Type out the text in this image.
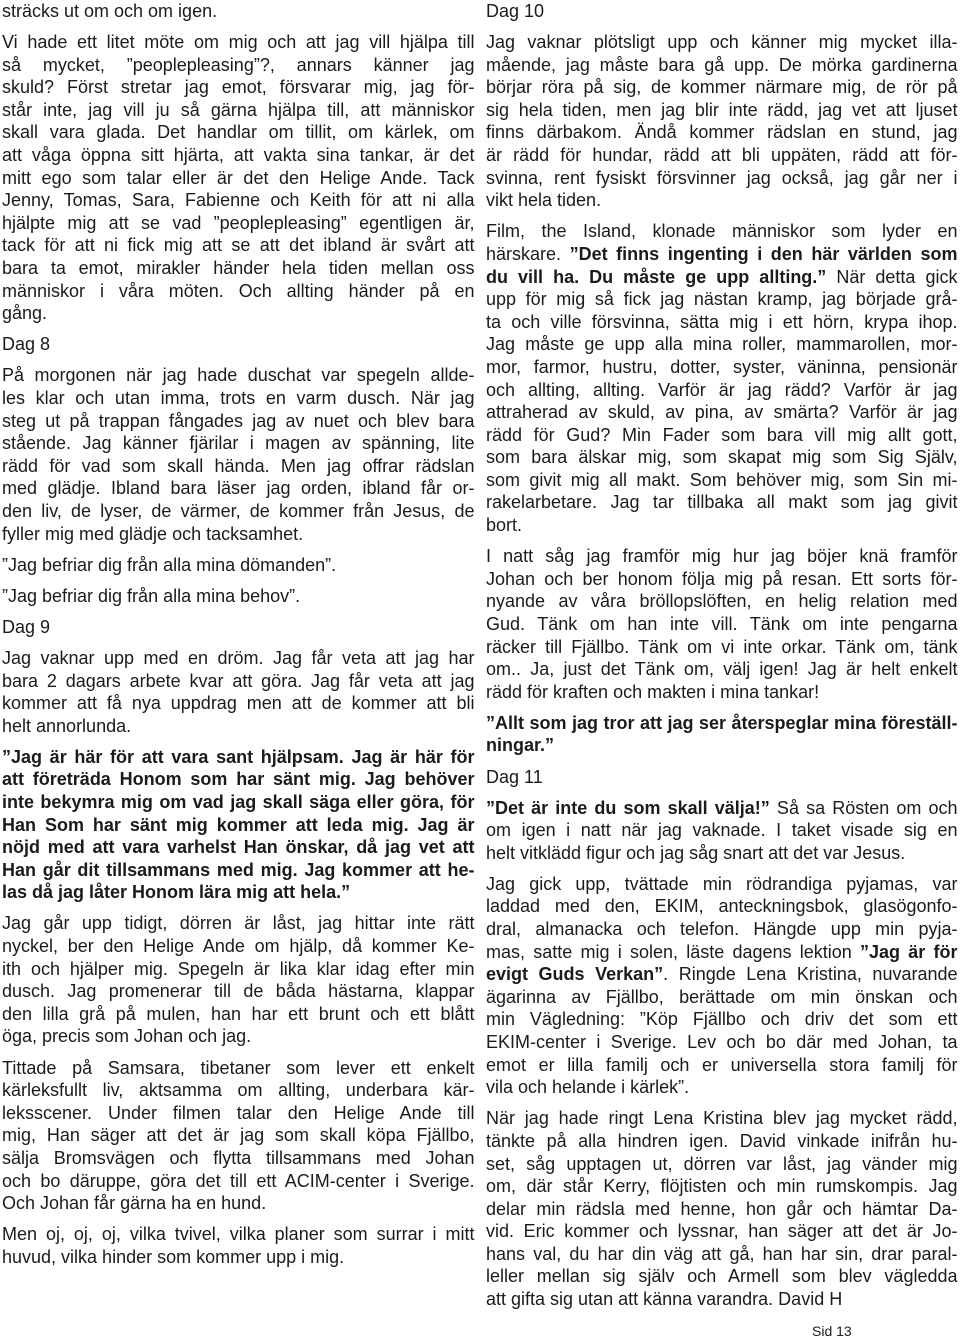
sträcks ut om och om igen.
Vi hade ett litet möte om mig och att jag vill hjälpa till
så mycket, ”peoplepleasing”?, annars känner jag
skuld? Först stretar jag emot, försvarar mig, jag för-
står inte, jag vill ju så gärna hjälpa till, att människor
skall vara glada. Det handlar om tillit, om kärlek, om
att våga öppna sitt hjärta, att vakta sina tankar, är det
mitt ego som talar eller är det den Helige Ande. Tack
Jenny, Tomas, Sara, Fabienne och Keith för att ni alla
hjälpte mig att se vad ”peoplepleasing” egentligen är,
tack för att ni fick mig att se att det ibland är svårt att
bara ta emot, mirakler händer hela tiden mellan oss
människor i våra möten. Och allting händer på en
gång.
Dag 8
På morgonen när jag hade duschat var spegeln allde-
les klar och utan imma, trots en varm dusch. När jag
steg ut på trappan fångades jag av nuet och blev bara
stående. Jag känner fjärilar i magen av spänning, lite
rädd för vad som skall hända. Men jag offrar rädslan
med glädje. Ibland bara läser jag orden, ibland får or-
den liv, de lyser, de värmer, de kommer från Jesus, de
fyller mig med glädje och tacksamhet.
”Jag befriar dig från alla mina dömanden”.
”Jag befriar dig från alla mina behov”.
Dag 9
Jag vaknar upp med en dröm. Jag får veta att jag har
bara 2 dagars arbete kvar att göra. Jag får veta att jag
kommer att få nya uppdrag men att de kommer att bli
helt annorlunda.
”Jag är här för att vara sant hjälpsam. Jag är här för
att företräda Honom som har sänt mig. Jag behöver
inte bekymra mig om vad jag skall säga eller göra, för
Han Som har sänt mig kommer att leda mig. Jag är
nöjd med att vara varhelst Han önskar, då jag vet att
Han går dit tillsammans med mig. Jag kommer att he-
las då jag låter Honom lära mig att hela.”
Jag går upp tidigt, dörren är låst, jag hittar inte rätt
nyckel, ber den Helige Ande om hjälp, då kommer Ke-
ith och hjälper mig. Spegeln är lika klar idag efter min
dusch. Jag promenerar till de båda hästarna, klappar
den lilla grå på mulen, han har ett brunt och ett blått
öga, precis som Johan och jag.
Tittade på Samsara, tibetaner som lever ett enkelt
kärleksfullt liv, aktsamma om allting, underbara kär-
leksscener. Under filmen talar den Helige Ande till
mig, Han säger att det är jag som skall köpa Fjällbo,
sälja Bromsvägen och flytta tillsammans med Johan
och bo däruppe, göra det till ett ACIM-center i Sverige.
Och Johan får gärna ha en hund.
Men oj, oj, oj, vilka tvivel, vilka planer som surrar i mitt
huvud, vilka hinder som kommer upp i mig.
Dag 10
Jag vaknar plötsligt upp och känner mig mycket illa-
mående, jag måste bara gå upp. De mörka gardinerna
börjar röra på sig, de kommer närmare mig, de rör på
sig hela tiden, men jag blir inte rädd, jag vet att ljuset
finns därbakom. Ändå kommer rädslan en stund, jag
är rädd för hundar, rädd att bli uppäten, rädd att för-
svinna, rent fysiskt försvinner jag också, jag går ner i
vikt hela tiden.
Film, the Island, klonade människor som lyder en
härskare. ”Det finns ingenting i den här världen som
du vill ha. Du måste ge upp allting.” När detta gick
upp för mig så fick jag nästan kramp, jag började grå-
ta och ville försvinna, sätta mig i ett hörn, krypa ihop.
Jag måste ge upp alla mina roller, mammarollen, mor-
mor, farmor, hustru, dotter, syster, väninna, pensionär
och allting, allting. Varför är jag rädd? Varför är jag
attraherad av skuld, av pina, av smärta? Varför är jag
rädd för Gud? Min Fader som bara vill mig allt gott,
som bara älskar mig, som skapat mig som Sig Själv,
som givit mig all makt. Som behöver mig, som Sin mi-
rakelarbetare. Jag tar tillbaka all makt som jag givit
bort.
I natt såg jag framför mig hur jag böjer knä framför
Johan och ber honom följa mig på resan. Ett sorts för-
nyande av våra bröllopslöften, en helig relation med
Gud. Tänk om han inte vill. Tänk om inte pengarna
räcker till Fjällbo. Tänk om vi inte orkar. Tänk om, tänk
om.. Ja, just det Tänk om, välj igen! Jag är helt enkelt
rädd för kraften och makten i mina tankar!
”Allt som jag tror att jag ser återspeglar mina föreställ-
ningar.”
Dag 11
”Det är inte du som skall välja!” Så sa Rösten om och
om igen i natt när jag vaknade. I taket visade sig en
helt vitklädd figur och jag såg snart att det var Jesus.
Jag gick upp, tvättade min rödrandiga pyjamas, var
laddad med den, EKIM, anteckningsbok, glasögonfo-
dral, almanacka och telefon. Hängde upp min pyja-
mas, satte mig i solen, läste dagens lektion ”Jag är för
evigt Guds Verkan”. Ringde Lena Kristina, nuvarande
ägarinna av Fjällbo, berättade om min önskan och
min Vägledning: ”Köp Fjällbo och driv det som ett
EKIM-center i Sverige. Lev och bo där med Johan, ta
emot er lilla familj och er universella stora familj för
vila och helande i kärlek”.
När jag hade ringt Lena Kristina blev jag mycket rädd,
tänkte på alla hindren igen. David vinkade inifrån hu-
set, såg upptagen ut, dörren var låst, jag vänder mig
om, där står Kerry, flöjtisten och min rumskompis. Jag
delar min rädsla med henne, hon går och hämtar Da-
vid. Eric kommer och lyssnar, han säger att det är Jo-
hans val, du har din väg att gå, han har sin, drar paral-
leller mellan sig själv och Armell som blev vägledda
att gifta sig utan att känna varandra. David H
Sid 13
